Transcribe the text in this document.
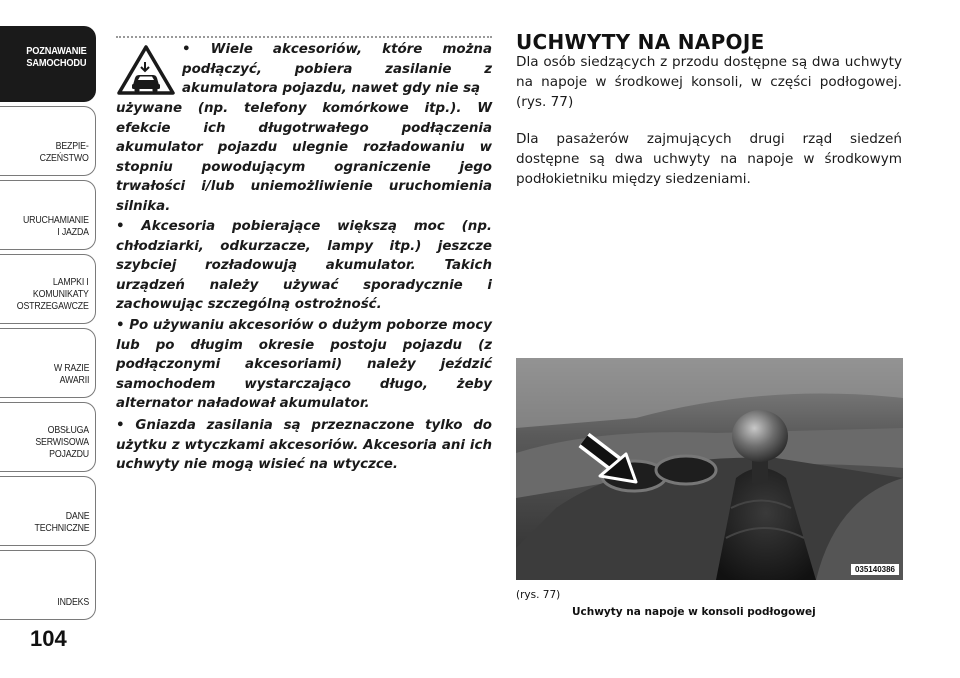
POZNAWANIE
SAMOCHODU
BEZPIE-
CZEŃSTWO
URUCHAMIANIE
I JAZDA
LAMPKI I
KOMUNIKATY
OSTRZEGAWCZE
W RAZIE
AWARII
OBSŁUGA
SERWISOWA
POJAZDU
DANE
TECHNICZNE
INDEKS
104
• Wiele akcesoriów, które można podłączyć, pobiera zasilanie z akumulatora pojazdu, nawet gdy nie są
używane (np. telefony komórkowe itp.). W efekcie ich długotrwałego podłączenia akumulator pojazdu ulegnie rozładowaniu w stopniu powodującym ograniczenie jego trwałości i/lub uniemożliwienie uruchomienia silnika.
• Akcesoria pobierające większą moc (np. chłodziarki, odkurzacze, lampy itp.) jeszcze szybciej rozładowują akumulator. Takich urządzeń należy używać sporadycznie i zachowując szczególną ostrożność.
• Po używaniu akcesoriów o dużym poborze mocy lub po długim okresie postoju pojazdu (z podłączonymi akcesoriami) należy jeździć samochodem wystarczająco długo, żeby alternator naładował akumulator.
• Gniazda zasilania są przeznaczone tylko do użytku z wtyczkami akcesoriów. Akcesoria ani ich uchwyty nie mogą wisieć na wtyczce.
UCHWYTY NA NAPOJE
Dla osób siedzących z przodu dostępne są dwa uchwyty na napoje w środkowej konsoli, w części podłogowej. (rys. 77)
Dla pasażerów zajmujących drugi rząd siedzeń dostępne są dwa uchwyty na napoje w środkowym podłokietniku między siedzeniami.
035140386
(rys. 77)
Uchwyty na napoje w konsoli podłogowej
